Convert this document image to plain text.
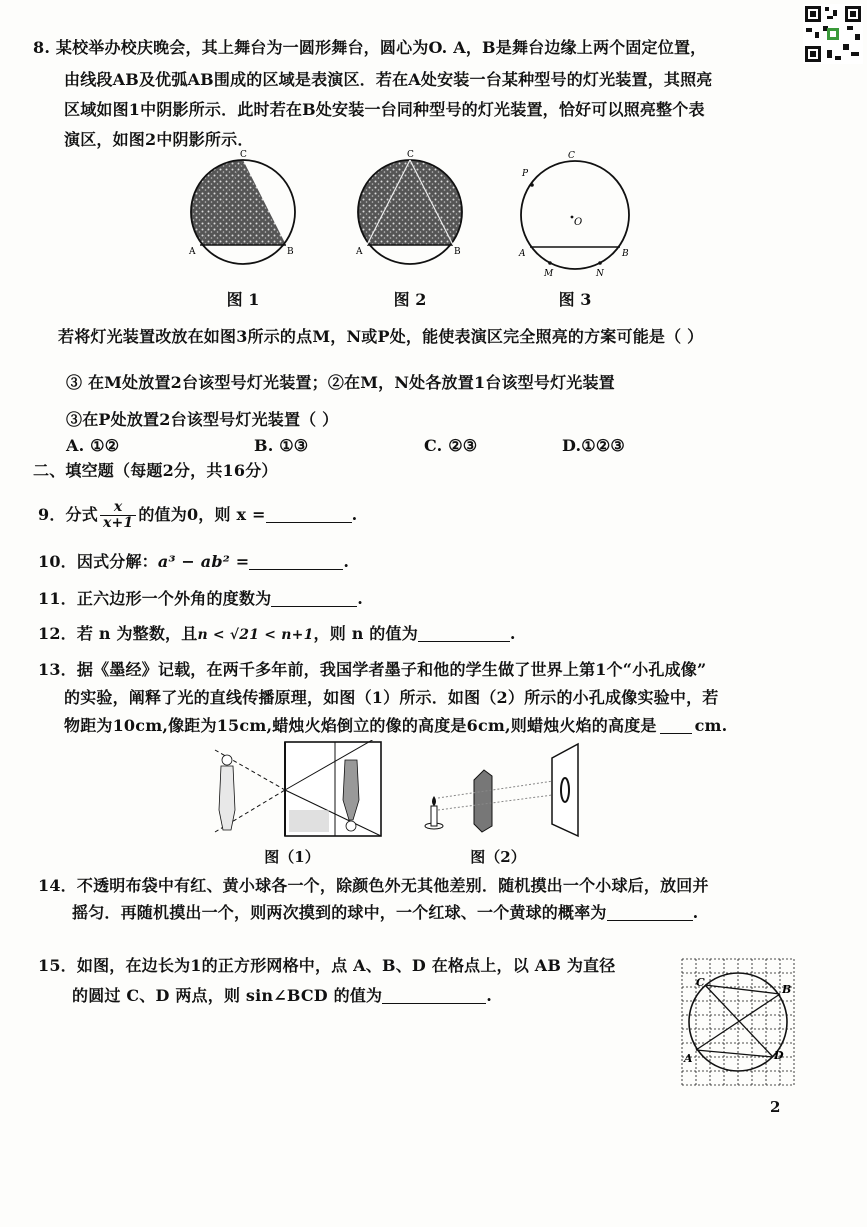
8. 某校举办校庆晚会，其上舞台为一圆形舞台，圆心为O. A，B是舞台边缘上两个固定位置，
由线段AB及优弧AB围成的区域是表演区．若在A处安装一台某种型号的灯光装置，其照亮
区域如图1中阴影所示．此时若在B处安装一台同种型号的灯光装置，恰好可以照亮整个表
演区，如图2中阴影所示．
C
A	B
图 1
C
A	B
图 2
P
C
O
A	B
M	N
图 3
若将灯光装置改放在如图3所示的点M，N或P处，能使表演区完全照亮的方案可能是（ ）
③ 在M处放置2台该型号灯光装置；②在M，N处各放置1台该型号灯光装置
③在P处放置2台该型号灯光装置（ ）
A. ①②	B. ①③	C. ②③	D.①②③
二、填空题（每题2分，共16分）
9．分式 $\frac{x}{x+1}$ 的值为0，则 x =	.
10．因式分解：a³ − ab² =	.
11．正六边形一个外角的度数为	.
12．若 n 为整数，且n < √21 < n+1，则 n 的值为	.
13．据《墨经》记载，在两千多年前，我国学者墨子和他的学生做了世界上第1个“小孔成像”
的实验，阐释了光的直线传播原理，如图（1）所示．如图（2）所示的小孔成像实验中，若
物距为10cm,像距为15cm,蜡烛火焰倒立的像的高度是6cm,则蜡烛火焰的高度是 cm.
图（1）	图（2）
14．不透明布袋中有红、黄小球各一个，除颜色外无其他差别．随机摸出一个小球后，放回并
摇匀．再随机摸出一个，则两次摸到的球中，一个红球、一个黄球的概率为	.
15．如图，在边长为1的正方形网格中，点 A、B、D 在格点上，以 AB 为直径
的圆过 C、D 两点，则 sin∠BCD 的值为	.
C
B
A	D
2
